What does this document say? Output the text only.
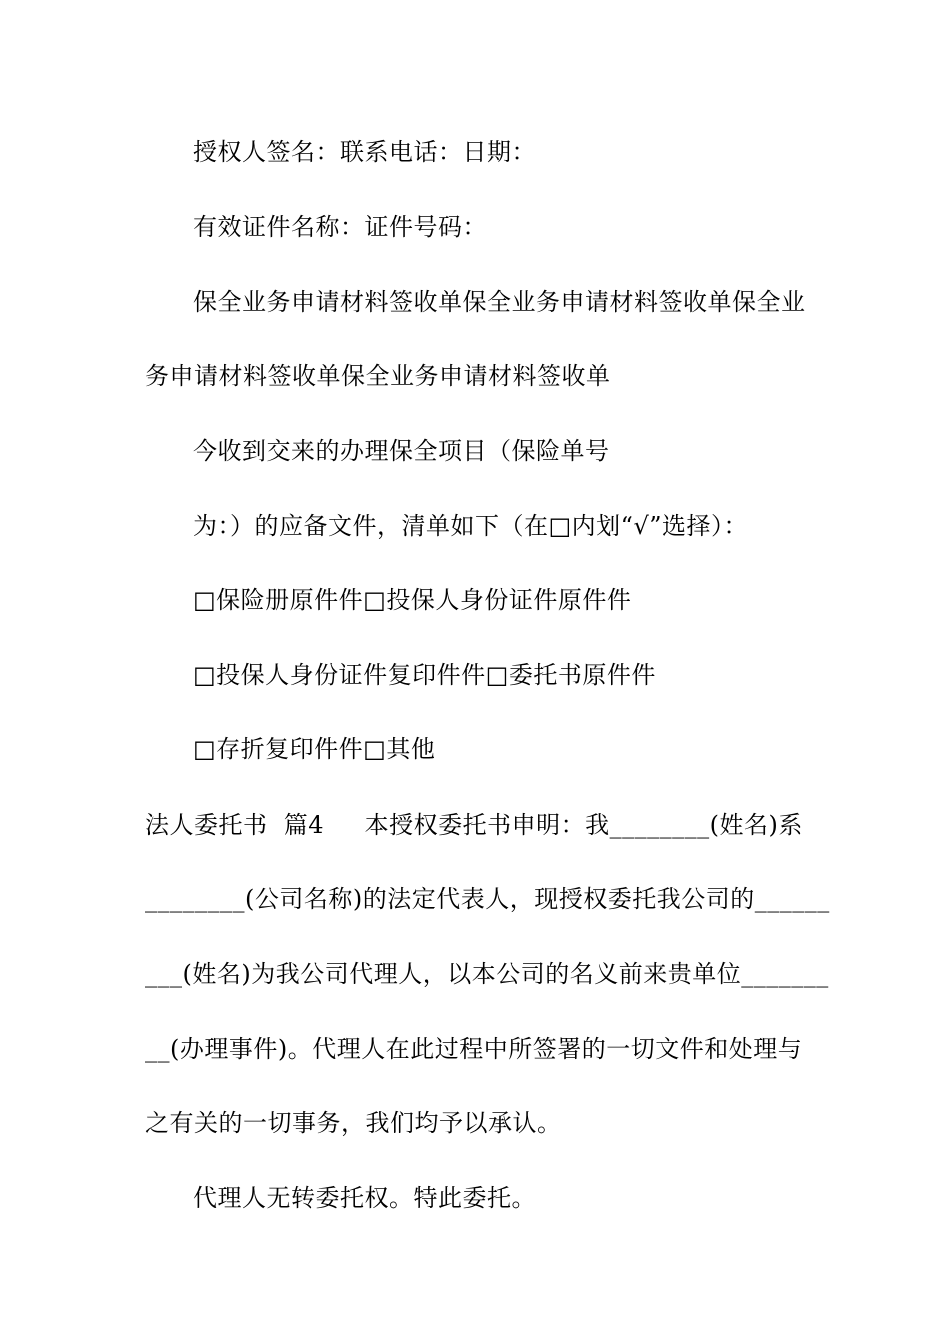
授权人签名：联系电话：日期：
有效证件名称：证件号码：
保全业务申请材料签收单保全业务申请材料签收单保全业
务申请材料签收单保全业务申请材料签收单
今收到交来的办理保全项目（保险单号
为：）的应备文件，清单如下（在□内划“√”选择）：
□保险册原件件□投保人身份证件原件件
□投保人身份证件复印件件□委托书原件件
□存折复印件件□其他
法人委托书  篇4     本授权委托书申明：我________(姓名)系
________(公司名称)的法定代表人，现授权委托我公司的______
___(姓名)为我公司代理人，以本公司的名义前来贵单位_______
__(办理事件)。代理人在此过程中所签署的一切文件和处理与
之有关的一切事务，我们均予以承认。
代理人无转委托权。特此委托。
